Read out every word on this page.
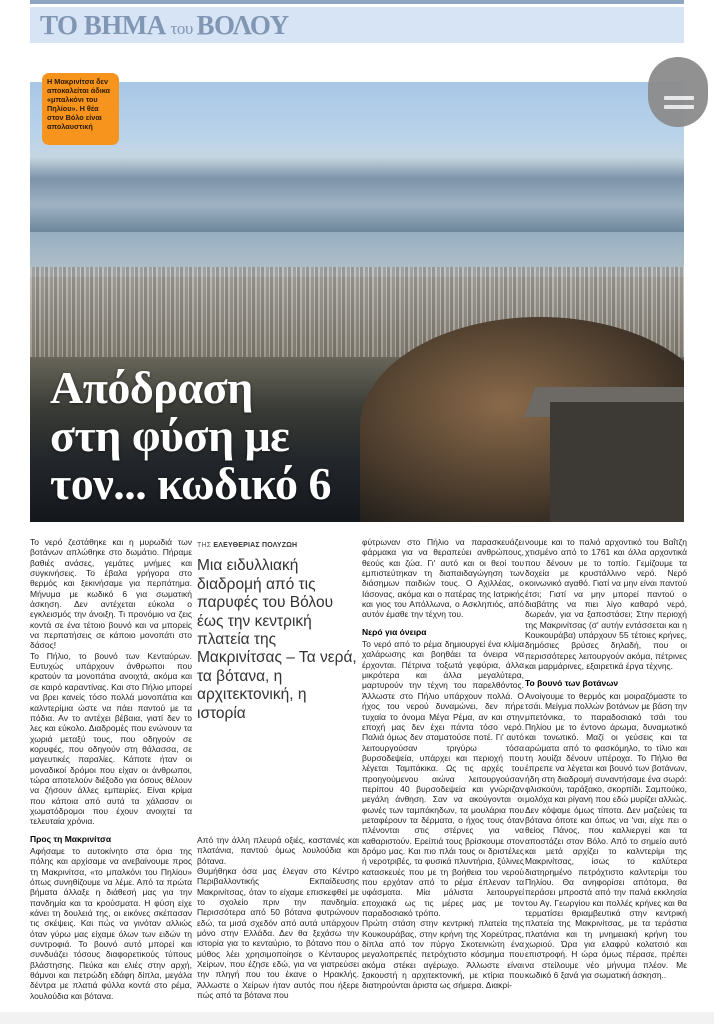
ΤΟ ΒΗΜΑ του ΒΟΛΟΥ
Απόδραση
στη φύση με
τον... κωδικό 6
Η Μακρινίτσα δεν αποκαλείται άδικα «μπαλκόνι του Πηλίου». Η θέα στον Βόλο είναι απολαυστική

Το νερό ζεστάθηκε και η μυρωδιά των βοτάνων απλώθηκε στο δωμάτιο. Πήραμε βαθιές ανάσες, γεμάτες μνήμες και συγκινήσεις. Το έβαλα γρήγορα στο θερμός και ξεκινήσαμε για περπάτημα. Μήνυμα με κωδικό 6 για σωματική άσκηση. Δεν αντέχεται εύκολα ο εγκλεισμός την άνοιξη. Τι προνόμιο να ζεις κοντά σε ένα τέτοιο βουνό και να μπορείς να περπατήσεις σε κάποιο μονοπάτι στο δάσος!

Το Πήλιο, το βουνό των Κενταύρων. Ευτυχώς υπάρχουν άνθρωποι που κρατούν τα μονοπάτια ανοιχτά, ακόμα και σε καιρό καραντίνας. Και στο Πήλιο μπορεί να βρει κανείς τόσο πολλά μονοπάτια και καλντερίμια ώστε να πάει παντού με τα πόδια. Αν το αντέχει βέβαια, γιατί δεν το λες και εύκολο. Διαδρομές που ενώνουν τα χωριά μεταξύ τους, που οδηγούν σε κορυφές, που οδηγούν στη θάλασσα, σε μαγευτικές παραλίες. Κάποτε ήταν οι μοναδικοί δρόμοι που είχαν οι άνθρωποι, τώρα αποτελούν διέξοδο για όσους θέλουν να ζήσουν άλλες εμπειρίες. Είναι κρίμα που κάποια από αυτά τα χάλασαν οι χωματόδρομοι που έχουν ανοιχτεί τα τελευταία χρόνια.

Προς τη Μακρινίτσα

Αφήσαμε το αυτοκίνητο στα όρια της πόλης και αρχίσαμε να ανεβαίνουμε προς τη Μακρινίτσα, «το μπαλκόνι του Πηλίου» όπως συνηθίζουμε να λέμε. Από τα πρώτα βήματα άλλαξε η διάθεσή μας για την πανδημία και τα κρούσματα. Η φύση είχε κάνει τη δουλειά της, οι εικόνες σκέπασαν τις σκέψεις. Και πώς να γινόταν αλλιώς όταν γύρω μας είχαμε όλων των ειδών τη συντροφιά. Το βουνό αυτό μπορεί και συνδυάζει τόσους διαφορετικούς τύπους βλάστησης. Πεύκα και ελιές στην αρχή, θάμνοι και πετρώδη εδάφη δίπλα, μεγάλα δέντρα με πλατιά φύλλα κοντά στο ρέμα, λουλούδια και βότανα.

ΤΗΣ ΕΛΕΥΘΕΡΙΑΣ ΠΟΛΥΖΩΗ
Μια ειδυλλιακή διαδρομή από τις παρυφές του Βόλου έως την κεντρική πλατεία της Μακρινίτσας – Τα νερά, τα βότανα, η αρχιτεκτονική, η ιστορία

Από την άλλη πλευρά οξιές, καστανιές και πλατάνια, παντού όμως λουλούδια και βότανα.

Θυμήθηκα όσα μας έλεγαν στο Κέντρο Περιβαλλοντικής Εκπαίδευσης Μακρινίτσας, όταν το είχαμε επισκεφθεί με το σχολείο πριν την πανδημία. Περισσότερα από 50 βότανα φυτρώνουν εδώ, τα μισά σχεδόν από αυτά υπάρχουν μόνο στην Ελλάδα. Δεν θα ξεχάσω την ιστορία για το κενταύριο, το βότανο που ο μύθος λέει χρησιμοποίησε ο Κένταυρος Χείρων, που έζησε εδώ, για να γιατρεύσει την πληγή που του έκανε ο Ηρακλής. Άλλωστε ο Χείρων ήταν αυτός που ήξερε πώς από τα βότανα που

φύτρωναν στο Πήλιο να παρασκευάζει φάρμακα για να θεραπεύει ανθρώπους, θεούς και ζώα. Γι' αυτό και οι θεοί του εμπιστεύτηκαν τη διαπαιδαγώγηση των διάσημων παιδιών τους. Ο Αχιλλέας, ο Ιάσονας, ακόμα και ο πατέρας της Ιατρικής και γιος του Απόλλωνα, ο Ασκληπιός, από αυτόν έμαθε την τέχνη του.

Νερό για όνειρα

Το νερό από το ρέμα δημιουργεί ένα κλίμα χαλάρωσης και βοηθάει τα όνειρα να έρχονται. Πέτρινα τοξωτά γεφύρια, άλλα μικρότερα και άλλα μεγαλύτερα, μαρτυρούν την τέχνη του παρελθόντος. Άλλωστε στο Πήλιο υπάρχουν πολλά. Ο ήχος του νερού δυναμώνει, δεν πήρε τυχαία το όνομα Μέγα Ρέμα, αν και στην εποχή μας δεν έχει πάντα τόσο νερό. Παλιά όμως δεν σταματούσε ποτέ. Γι' αυτό λειτουργούσαν τριγύρω τόσα βυρσοδεψεία, υπάρχει και περιοχή που λέγεται Ταμπάκικα. Ως τις αρχές του προηγούμενου αιώνα λειτουργούσαν περίπου 40 βυρσοδεψεία και γνώριζαν μεγάλη άνθηση. Σαν να ακούγονται οι φωνές των ταμπάκηδων, τα μουλάρια που μεταφέρουν τα δέρματα, ο ήχος τους όταν πλένονται στις στέρνες για να καθαριστούν. Ερείπιά τους βρίσκουμε στον δρόμο μας. Και πιο πλάι τους οι δριστέλες ή νεροτριβές, τα φυσικά πλυντήρια, ξύλινες κατασκευές που με τη βοήθεια του νερού που ερχόταν από το ρέμα έπλεναν τα υφάσματα. Μία μάλιστα λειτουργεί εποχιακά ως τις μέρες μας με τον παραδοσιακό τρόπο.

Πρώτη στάση στην κεντρική πλατεία της Κουκουράβας, στην κρήνη της Χορεύτρας, δίπλα από τον πύργο Σκοτεινιώτη ένα μεγαλοπρεπές πετρόχτιστο κόσμημα που ακόμα στέκει αγέρωχο. Άλλωστε είναι ξακουστή η αρχιτεκτονική, με κτίρια που διατηρούνται άριστα ως σήμερα. Διακρί-

νουμε και το παλιό αρχοντικό του Βαΐτζη χτισμένο από το 1761 και άλλα αρχοντικά που δένουν με το τοπίο. Γεμίζουμε τα δοχεία με κρυστάλλινο νερό. Νερό κοινωνικό αγαθό. Γιατί να μην είναι παντού έτσι; Γιατί να μην μπορεί παντού ο διαβάτης να πιει λίγο καθαρό νερό, δωρεάν, για να ξαποστάσει; Στην περιοχή της Μακρινίτσας (σ' αυτήν εντάσσεται και η Κουκουράβα) υπάρχουν 55 τέτοιες κρήνες, δημόσιες βρύσες δηλαδή, που οι περισσότερες λειτουργούν ακόμα, πέτρινες και μαρμάρινες, εξαιρετικά έργα τέχνης.

Το βουνό των βοτάνων

Ανοίγουμε το θερμός και μοιραζόμαστε το τσάι. Μείγμα πολλών βοτάνων με βάση την μπετόνικα, το παραδοσιακό τσάι του Πηλίου με το έντονο άρωμα, δυναμωτικό και τονωτικό. Μαζί οι γεύσεις και τα αρώματα από το φασκόμηλο, το τίλιο και τη λουίζα δένουν υπέροχα. Το Πήλιο θα έπρεπε να λέγεται και βουνό των βοτάνων, ήδη στη διαδρομή συναντήσαμε ένα σωρό: φλισκούνι, ταράξακο, σκορπίδι. Σαμπούκο, μολόχα και ρίγανη που εδώ μυρίζει αλλιώς. Δεν κόψαμε όμως τίποτα. Δεν μαζεύεις τα βότανα όποτε και όπως να 'ναι, είχε πει ο θείος Πάνος, που καλλιεργεί και τα αποστάζει στον Βόλο. Από το σημείο αυτό και μετά αρχίζει το καλντερίμι της Μακρινίτσας, ίσως το καλύτερα διατηρημένο πετρόχτιστο καλντερίμι του Πηλίου. Θα ανηφορίσει απότομα, θα περάσει μπροστά από την παλιά εκκλησία του Αγ. Γεωργίου και πολλές κρήνες και θα τερματίσει θριαμβευτικά στην κεντρική πλατεία της Μακρινίτσας, με τα τεράστια πλατάνια και τη μνημειακή κρήνη του χωριού. Ώρα για ελαφρύ κολατσιό και επιστροφή. Η ώρα όμως πέρασε, πρέπει να στείλουμε νέο μήνυμα πλέον. Με κωδικό 6 ξανά για σωματική άσκηση..
